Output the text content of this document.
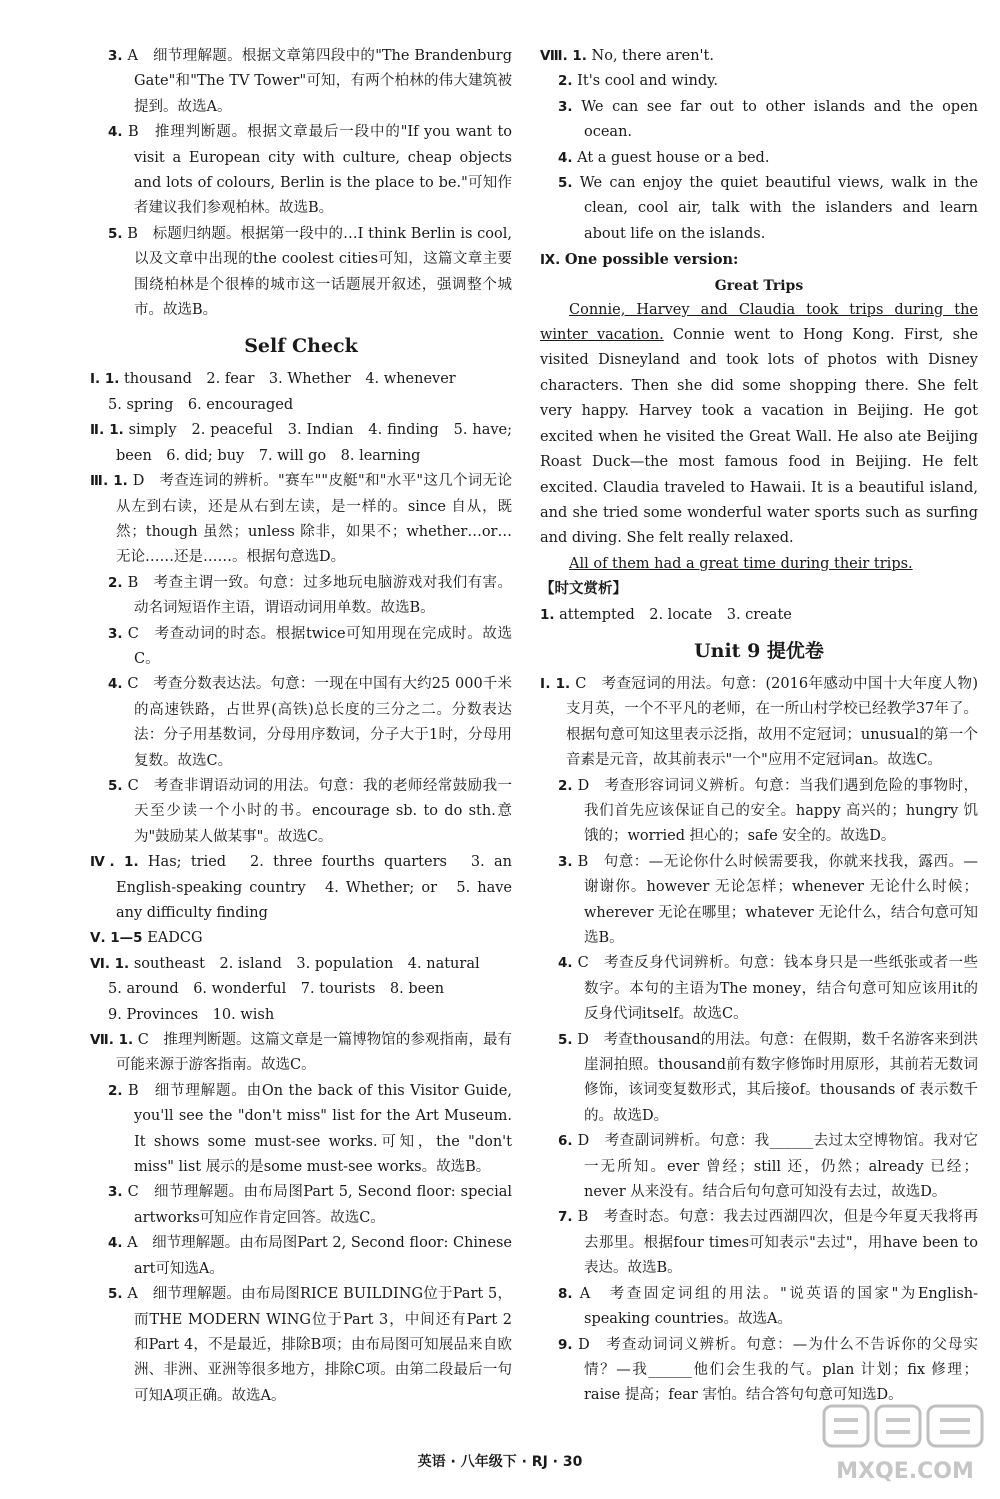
3. A　细节理解题。根据文章第四段中的"The Brandenburg Gate"和"The TV Tower"可知，有两个柏林的伟大建筑被提到。故选A。
4. B　推理判断题。根据文章最后一段中的"If you want to visit a European city with culture, cheap objects and lots of colours, Berlin is the place to be."可知作者建议我们参观柏林。故选B。
5. B　标题归纳题。根据第一段中的…I think Berlin is cool,以及文章中出现的the coolest cities可知，这篇文章主要围绕柏林是个很棒的城市这一话题展开叙述，强调整个城市。故选B。
Self Check
Ⅰ. 1. thousand　2. fear　3. Whether　4. whenever
5. spring　6. encouraged
Ⅱ. 1. simply　2. peaceful　3. Indian　4. finding　5. have; been　6. did; buy　7. will go　8. learning
Ⅲ. 1. D　考查连词的辨析。"赛车""皮艇"和"水平"这几个词无论从左到右读，还是从右到左读，是一样的。since 自从，既然；though 虽然；unless 除非，如果不；whether…or…无论……还是……。根据句意选D。
2. B　考查主谓一致。句意：过多地玩电脑游戏对我们有害。动名词短语作主语，谓语动词用单数。故选B。
3. C　考查动词的时态。根据twice可知用现在完成时。故选C。
4. C　考查分数表达法。句意：一现在中国有大约25 000千米的高速铁路，占世界(高铁)总长度的三分之二。分数表达法：分子用基数词，分母用序数词，分子大于1时，分母用复数。故选C。
5. C　考查非谓语动词的用法。句意：我的老师经常鼓励我一天至少读一个小时的书。encourage sb. to do sth.意为"鼓励某人做某事"。故选C。
Ⅳ. 1. Has; tried　2. three fourths quarters　3. an English-speaking country　4. Whether; or　5. have any difficulty finding
Ⅴ. 1—5 EADCG
Ⅵ. 1. southeast　2. island　3. population　4. natural
5. around　6. wonderful　7. tourists　8. been
9. Provinces　10. wish
Ⅶ. 1. C　推理判断题。这篇文章是一篇博物馆的参观指南，最有可能来源于游客指南。故选C。
2. B　细节理解题。由On the back of this Visitor Guide, you'll see the "don't miss" list for the Art Museum. It shows some must-see works.可知，the "don't miss" list 展示的是some must-see works。故选B。
3. C　细节理解题。由布局图Part 5, Second floor: special artworks可知应作肯定回答。故选C。
4. A　细节理解题。由布局图Part 2, Second floor: Chinese art可知选A。
5. A　细节理解题。由布局图RICE BUILDING位于Part 5，而THE MODERN WING位于Part 3，中间还有Part 2和Part 4，不是最近，排除B项；由布局图可知展品来自欧洲、非洲、亚洲等很多地方，排除C项。由第二段最后一句可知A项正确。故选A。
Ⅷ. 1. No, there aren't.
2. It's cool and windy.
3. We can see far out to other islands and the open ocean.
4. At a guest house or a bed.
5. We can enjoy the quiet beautiful views, walk in the clean, cool air, talk with the islanders and learn about life on the islands.
Ⅸ. One possible version:
Great Trips
Connie, Harvey and Claudia took trips during the winter vacation. Connie went to Hong Kong. First, she visited Disneyland and took lots of photos with Disney characters. Then she did some shopping there. She felt very happy. Harvey took a vacation in Beijing. He got excited when he visited the Great Wall. He also ate Beijing Roast Duck—the most famous food in Beijing. He felt excited. Claudia traveled to Hawaii. It is a beautiful island, and she tried some wonderful water sports such as surfing and diving. She felt really relaxed.
All of them had a great time during their trips.
【时文赏析】
1. attempted　2. locate　3. create
Unit 9 提优卷
Ⅰ. 1. C　考查冠词的用法。句意：(2016年感动中国十大年度人物)支月英，一个不平凡的老师，在一所山村学校已经教学37年了。根据句意可知这里表示泛指，故用不定冠词；unusual的第一个音素是元音，故其前表示"一个"应用不定冠词an。故选C。
2. D　考查形容词词义辨析。句意：当我们遇到危险的事物时，我们首先应该保证自己的安全。happy 高兴的；hungry 饥饿的；worried 担心的；safe 安全的。故选D。
3. B　句意：—无论你什么时候需要我，你就来找我，露西。—谢谢你。however 无论怎样；whenever 无论什么时候；wherever 无论在哪里；whatever 无论什么，结合句意可知选B。
4. C　考查反身代词辨析。句意：钱本身只是一些纸张或者一些数字。本句的主语为The money，结合句意可知应该用it的反身代词itself。故选C。
5. D　考查thousand的用法。句意：在假期，数千名游客来到洪崖洞拍照。thousand前有数字修饰时用原形，其前若无数词修饰，该词变复数形式，其后接of。thousands of 表示数千的。故选D。
6. D　考查副词辨析。句意：我______去过太空博物馆。我对它一无所知。ever 曾经；still 还，仍然；already 已经；never 从来没有。结合后句句意可知没有去过，故选D。
7. B　考查时态。句意：我去过西湖四次，但是今年夏天我将再去那里。根据four times可知表示"去过"，用have been to表达。故选B。
8. A　考查固定词组的用法。"说英语的国家"为English-speaking countries。故选A。
9. D　考查动词词义辨析。句意：—为什么不告诉你的父母实情？—我______他们会生我的气。plan 计划；fix 修理；raise 提高；fear 害怕。结合答句句意可知选D。
英语 · 八年级下 · RJ · 30	MXQE.COM
